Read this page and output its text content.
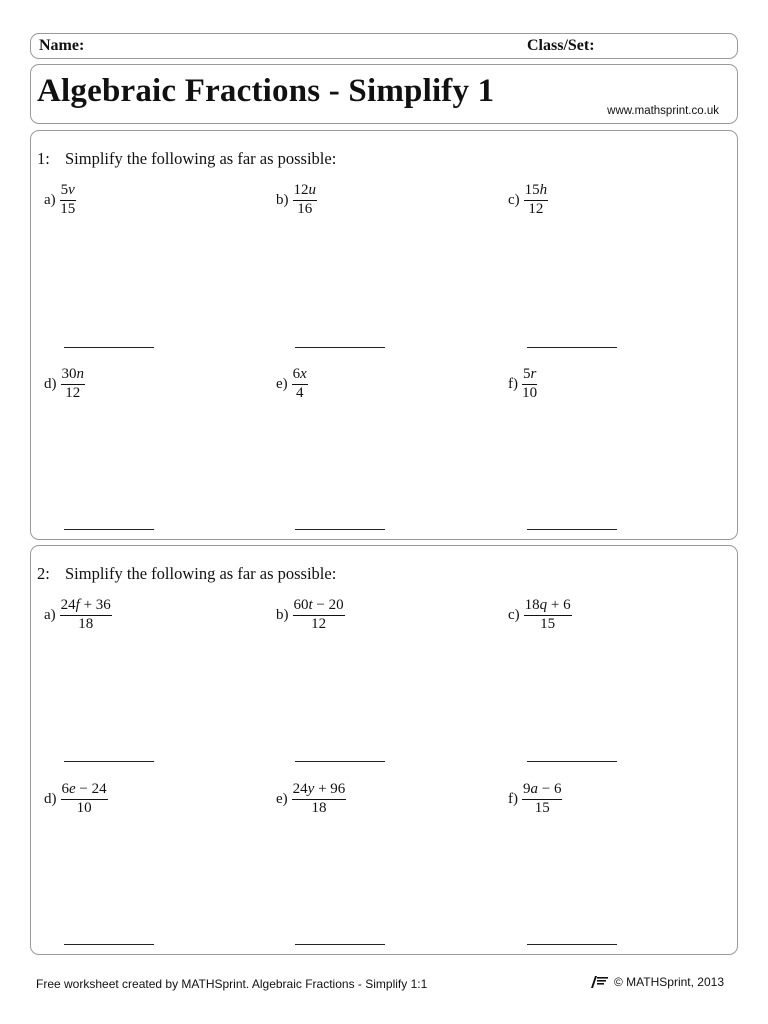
Name:	Class/Set:
Algebraic Fractions - Simplify 1
www.mathsprint.co.uk
1: Simplify the following as far as possible:
$a) \frac{5v}{15}$	$b) \frac{12u}{16}$	$c) \frac{15h}{12}$
$d) \frac{30n}{12}$	$e) \frac{6x}{4}$	$f) \frac{5r}{10}$
2: Simplify the following as far as possible:
$a) \frac{24f + 36}{18}$	$b) \frac{60t - 20}{12}$	$c) \frac{18q + 6}{15}$
$d) \frac{6e - 24}{10}$	$e) \frac{24y + 96}{18}$	$f) \frac{9a - 6}{15}$
Free worksheet created by MATHSprint. Algebraic Fractions - Simplify 1:1	© MATHSprint, 2013
